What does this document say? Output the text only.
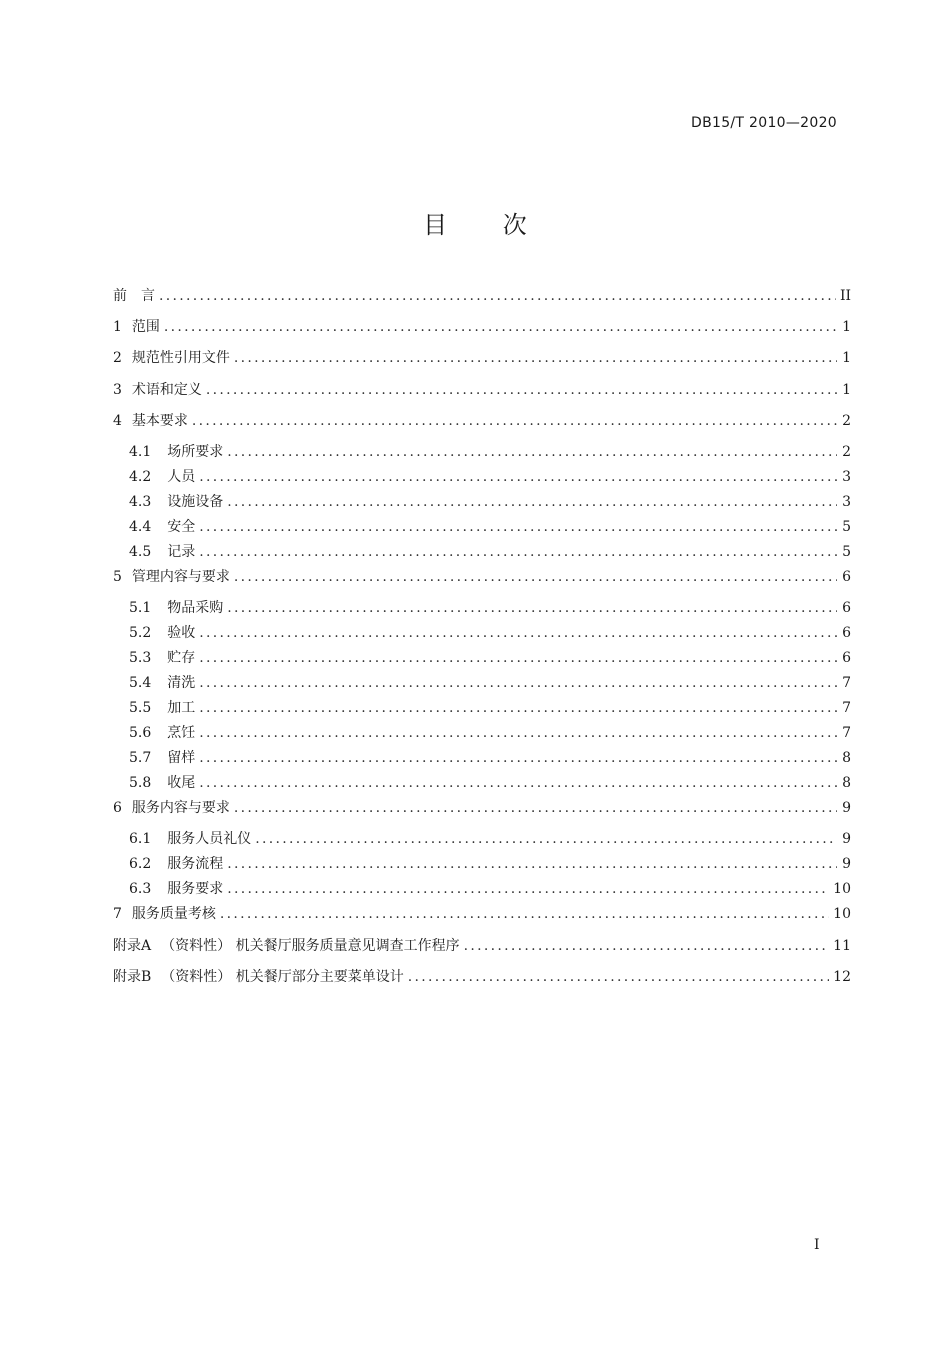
DB15/T 2010—2020
目 次
前　言 .....	II
1 范围 .....	1
2 规范性引用文件 .....	1
3 术语和定义 .....	1
4 基本要求 .....	2
4.1 场所要求 .....	2
4.2 人员 .....	3
4.3 设施设备 .....	3
4.4 安全 .....	5
4.5 记录 .....	5
5 管理内容与要求 .....	6
5.1 物品采购 .....	6
5.2 验收 .....	6
5.3 贮存 .....	6
5.4 清洗 .....	7
5.5 加工 .....	7
5.6 烹饪 .....	7
5.7 留样 .....	8
5.8 收尾 .....	8
6 服务内容与要求 .....	9
6.1 服务人员礼仪 .....	9
6.2 服务流程 .....	9
6.3 服务要求 .....	10
7 服务质量考核 .....	10
附录A （资料性） 机关餐厅服务质量意见调查工作程序 .....	11
附录B （资料性） 机关餐厅部分主要菜单设计 .....	12
I
